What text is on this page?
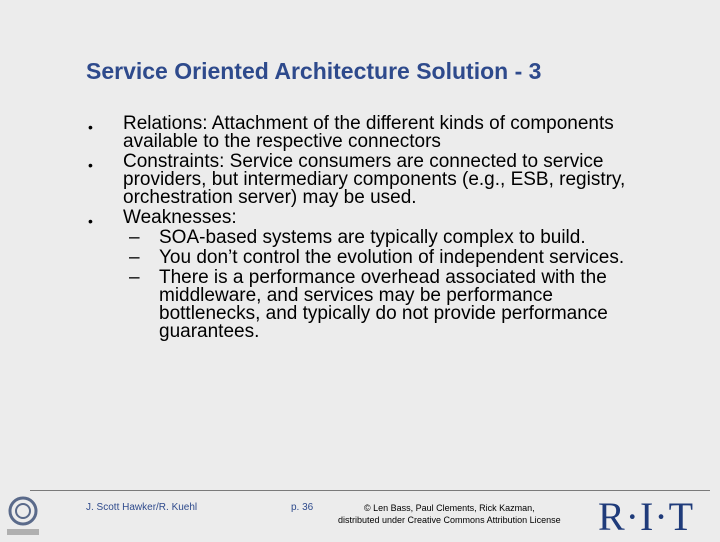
Service Oriented Architecture Solution - 3
• Relations: Attachment of the different kinds of components available to the respective connectors
• Constraints: Service consumers are connected to service providers, but intermediary components (e.g., ESB, registry, orchestration server) may be used.
• Weaknesses:
– SOA-based systems are typically complex to build.
– You don’t control the evolution of independent services.
– There is a performance overhead associated with the middleware, and services may be performance bottlenecks, and typically do not provide performance guarantees.
J. Scott Hawker/R. Kuehl	p. 36	© Len Bass, Paul Clements, Rick Kazman,
distributed under Creative Commons Attribution License R·I·T
